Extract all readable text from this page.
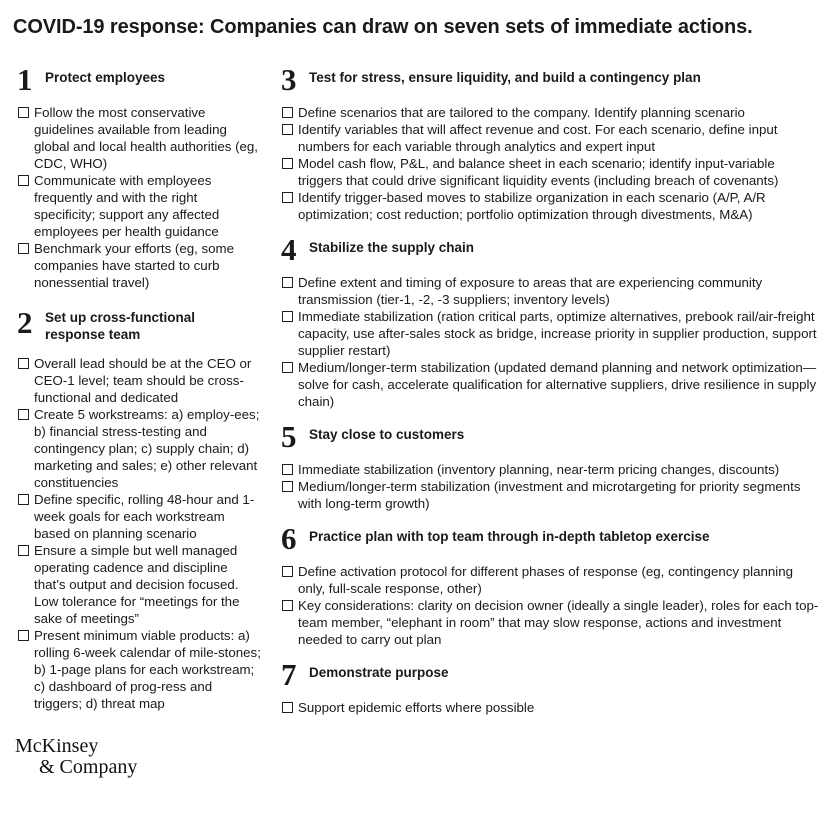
COVID-19 response: Companies can draw on seven sets of immediate actions.
1 Protect employees
Follow the most conservative guidelines available from leading global and local health authorities (eg, CDC, WHO)
Communicate with employees frequently and with the right specificity; support any affected employees per health guidance
Benchmark your efforts (eg, some companies have started to curb nonessential travel)
2 Set up cross-functional response team
Overall lead should be at the CEO or CEO-1 level; team should be cross-functional and dedicated
Create 5 workstreams: a) employ-ees; b) financial stress-testing and contingency plan; c) supply chain; d) marketing and sales; e) other relevant constituencies
Define specific, rolling 48-hour and 1-week goals for each workstream based on planning scenario
Ensure a simple but well managed operating cadence and discipline that’s output and decision focused. Low tolerance for “meetings for the sake of meetings”
Present minimum viable products: a) rolling 6-week calendar of mile-stones; b) 1-page plans for each workstream; c) dashboard of prog-ress and triggers; d) threat map
3 Test for stress, ensure liquidity, and build a contingency plan
Define scenarios that are tailored to the company. Identify planning scenario
Identify variables that will affect revenue and cost. For each scenario, define input numbers for each variable through analytics and expert input
Model cash flow, P&L, and balance sheet in each scenario; identify input-variable triggers that could drive significant liquidity events (including breach of covenants)
Identify trigger-based moves to stabilize organization in each scenario (A/P, A/R optimization; cost reduction; portfolio optimization through divestments, M&A)
4 Stabilize the supply chain
Define extent and timing of exposure to areas that are experiencing community transmission (tier-1, -2, -3 suppliers; inventory levels)
Immediate stabilization (ration critical parts, optimize alternatives, prebook rail/air-freight capacity, use after-sales stock as bridge, increase priority in supplier production, support supplier restart)
Medium/longer-term stabilization (updated demand planning and network optimization—solve for cash, accelerate qualification for alternative suppliers, drive resilience in supply chain)
5 Stay close to customers
Immediate stabilization (inventory planning, near-term pricing changes, discounts)
Medium/longer-term stabilization (investment and microtargeting for priority segments with long-term growth)
6 Practice plan with top team through in-depth tabletop exercise
Define activation protocol for different phases of response (eg, contingency planning only, full-scale response, other)
Key considerations: clarity on decision owner (ideally a single leader), roles for each top-team member, “elephant in room” that may slow response, actions and investment needed to carry out plan
7 Demonstrate purpose
Support epidemic efforts where possible
McKinsey
& Company
